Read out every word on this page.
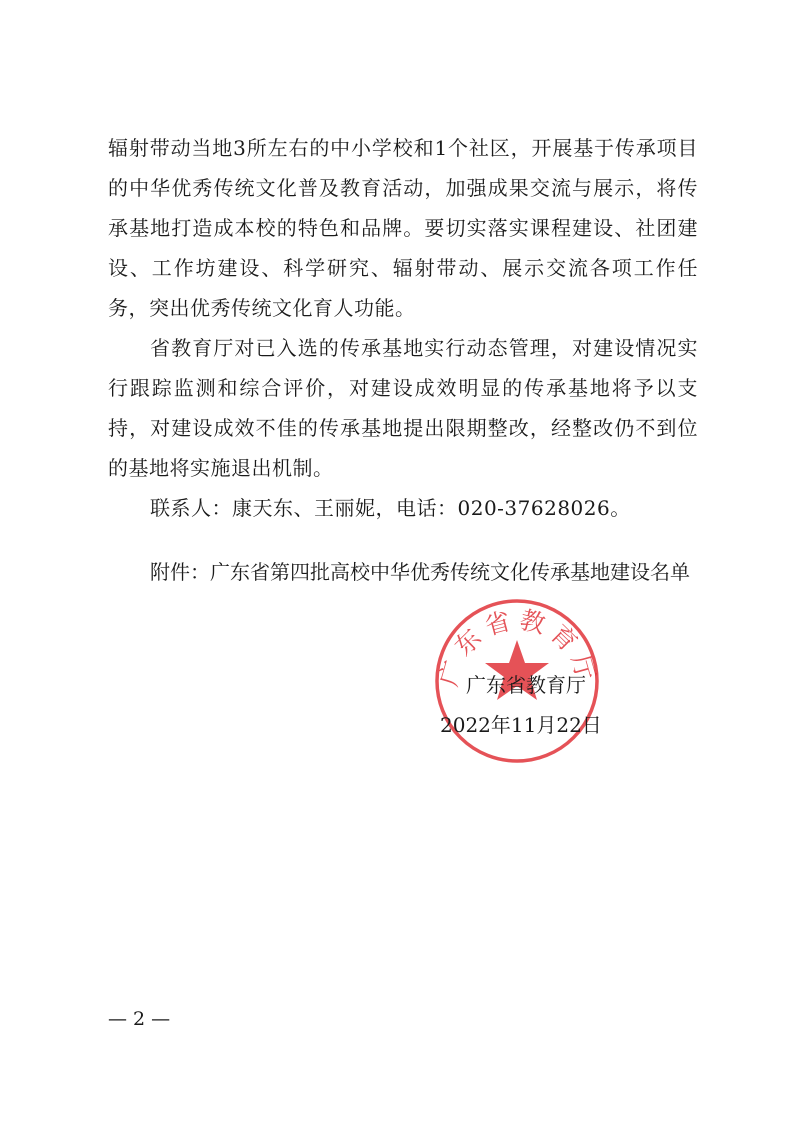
辐射带动当地3所左右的中小学校和1个社区，开展基于传承项目的中华优秀传统文化普及教育活动，加强成果交流与展示，将传承基地打造成本校的特色和品牌。要切实落实课程建设、社团建设、工作坊建设、科学研究、辐射带动、展示交流各项工作任务，突出优秀传统文化育人功能。

省教育厅对已入选的传承基地实行动态管理，对建设情况实行跟踪监测和综合评价，对建设成效明显的传承基地将予以支持，对建设成效不佳的传承基地提出限期整改，经整改仍不到位的基地将实施退出机制。

联系人：康天东、王丽妮，电话：020-37628026。

附件：广东省第四批高校中华优秀传统文化传承基地建设名单
广东省教育厅
广东省教育厅
2022年11月22日
— 2 —
